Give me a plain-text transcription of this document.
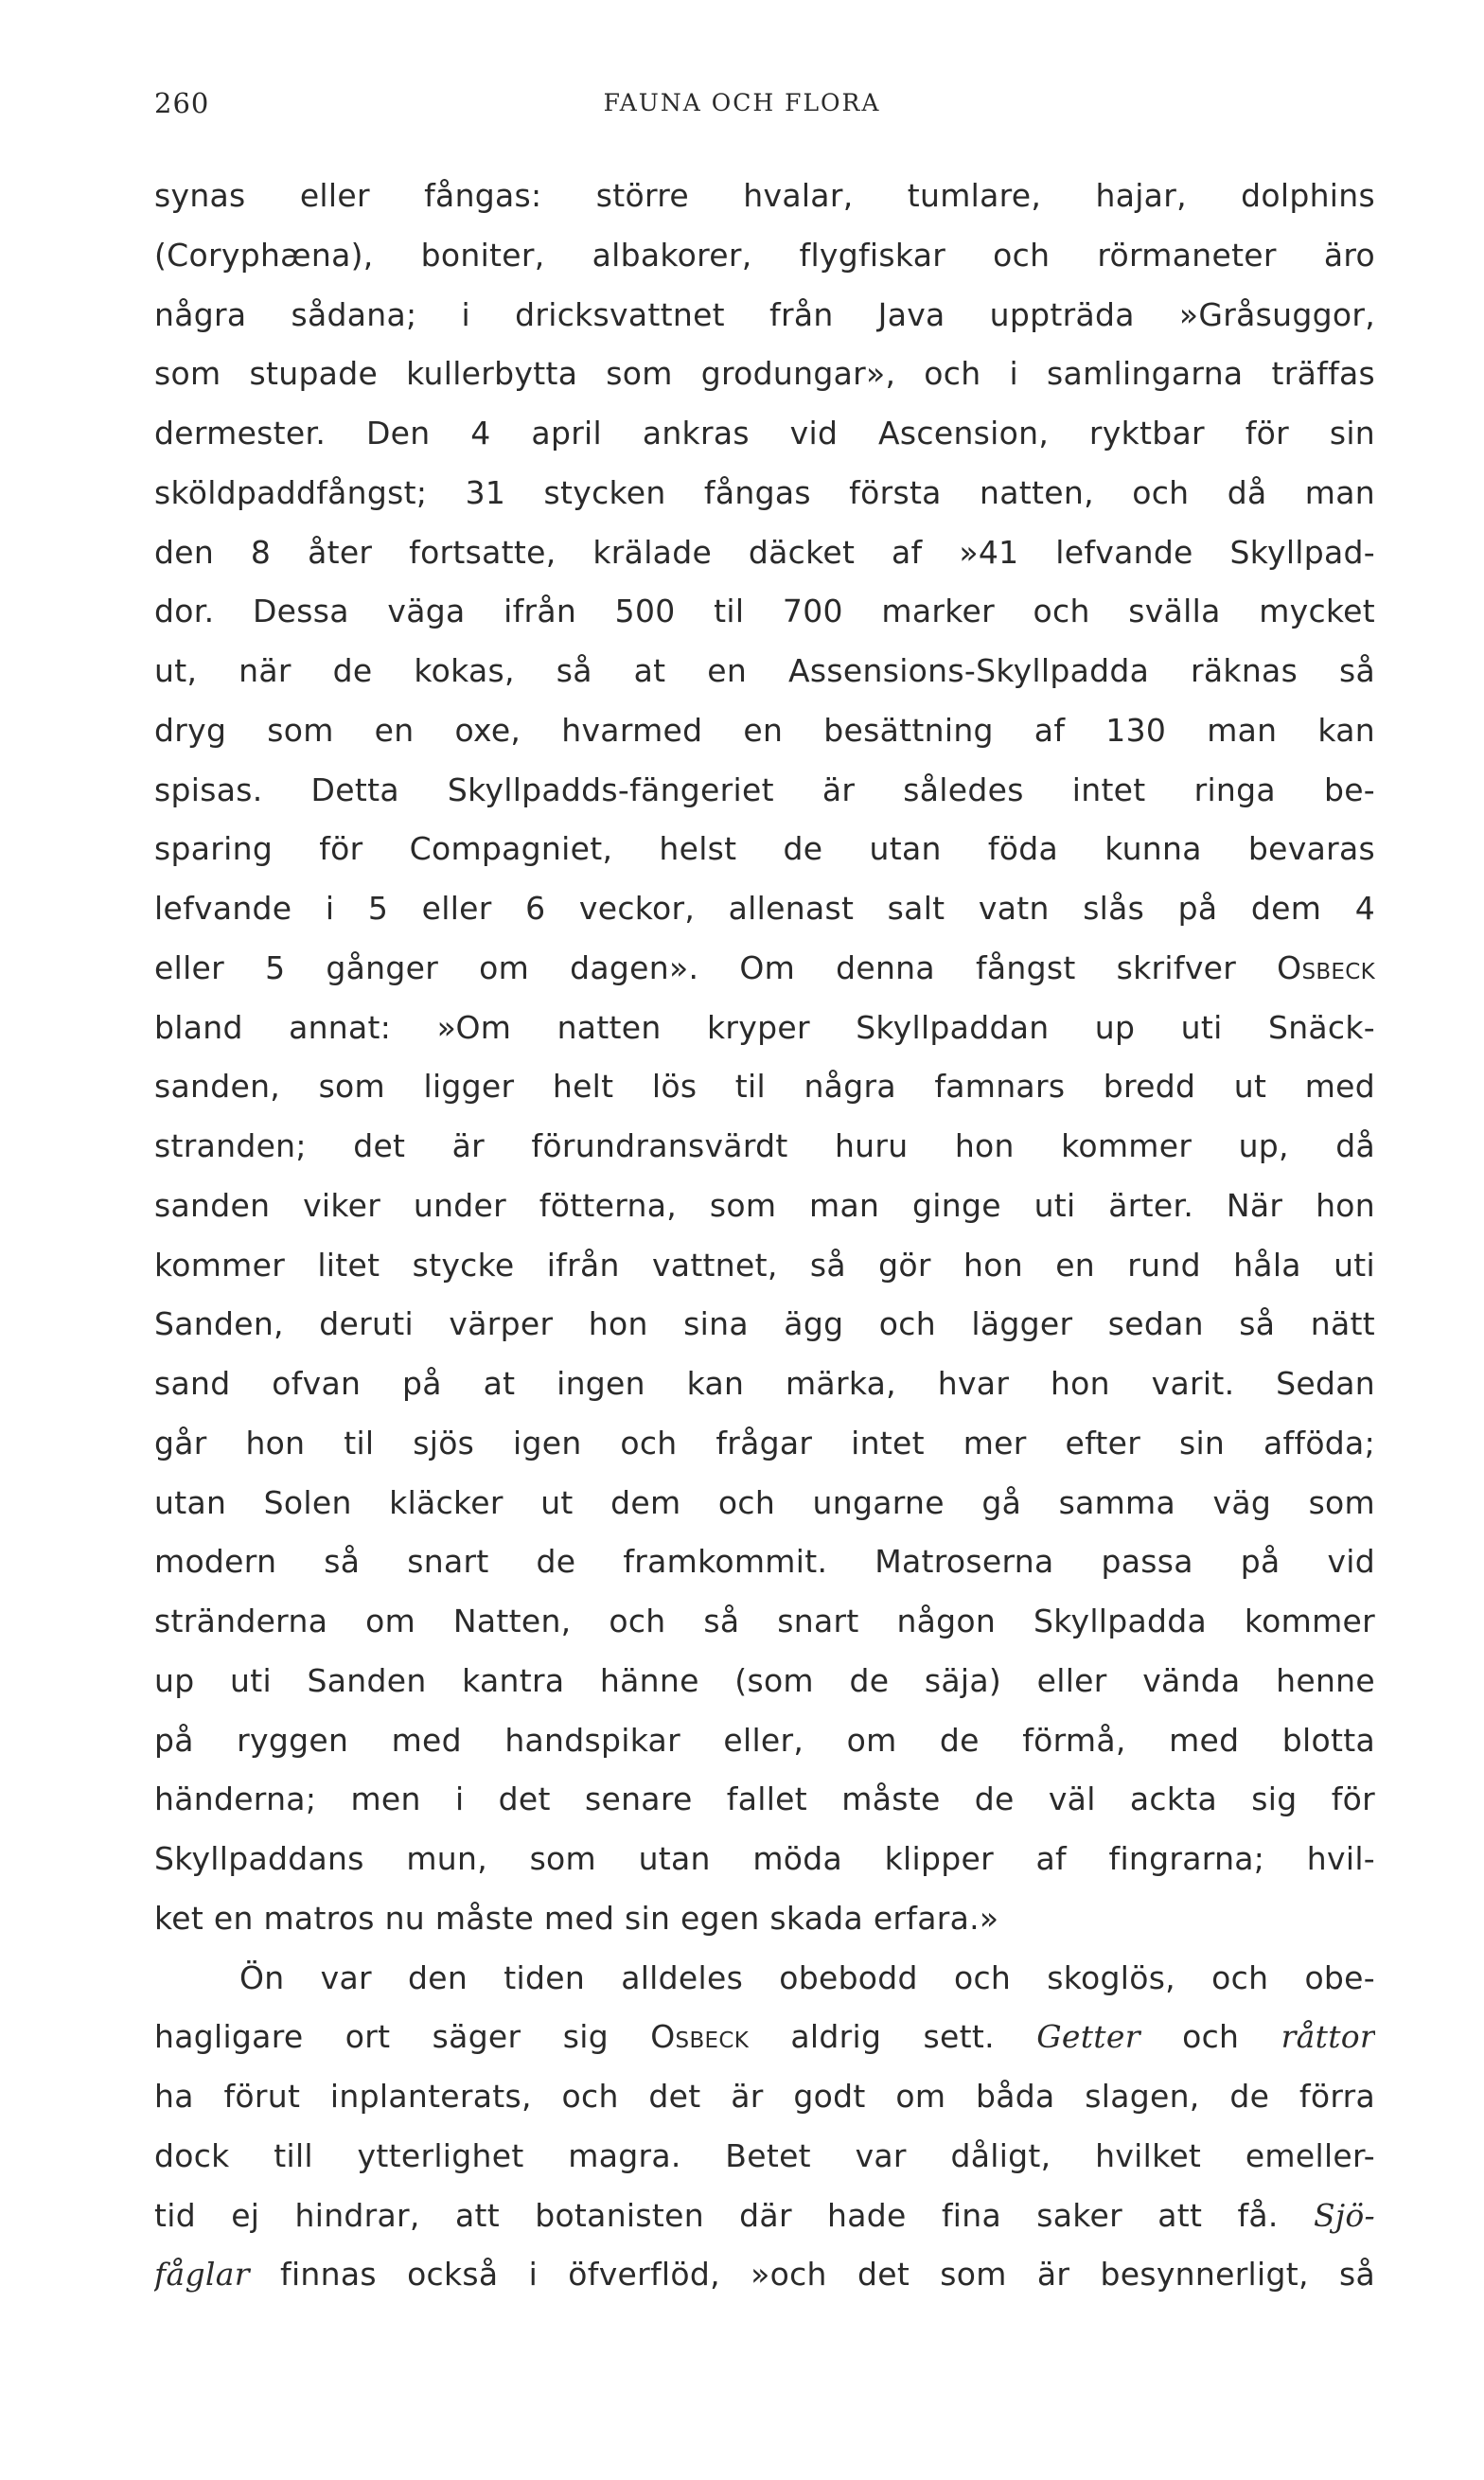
260	FAUNA OCH FLORA
synas eller fångas: större hvalar, tumlare, hajar, dolphins
(Coryphæna), boniter, albakorer, flygfiskar och rörmaneter äro
några sådana; i dricksvattnet från Java uppträda »Gråsuggor,
som stupade kullerbytta som grodungar», och i samlingarna träffas
dermester. Den 4 april ankras vid Ascension, ryktbar för sin
sköldpaddfångst; 31 stycken fångas första natten, och då man
den 8 åter fortsatte, krälade däcket af »41 lefvande Skyllpad-
dor. Dessa väga ifrån 500 til 700 marker och svälla mycket
ut, när de kokas, så at en Assensions-Skyllpadda räknas så
dryg som en oxe, hvarmed en besättning af 130 man kan
spisas. Detta Skyllpadds-fängeriet är således intet ringa be-
sparing för Compagniet, helst de utan föda kunna bevaras
lefvande i 5 eller 6 veckor, allenast salt vatn slås på dem 4
eller 5 gånger om dagen». Om denna fångst skrifver Osbeck
bland annat: »Om natten kryper Skyllpaddan up uti Snäck-
sanden, som ligger helt lös til några famnars bredd ut med
stranden; det är förundransvärdt huru hon kommer up, då
sanden viker under fötterna, som man ginge uti ärter. När hon
kommer litet stycke ifrån vattnet, så gör hon en rund håla uti
Sanden, deruti värper hon sina ägg och lägger sedan så nätt
sand ofvan på at ingen kan märka, hvar hon varit. Sedan
går hon til sjös igen och frågar intet mer efter sin afföda;
utan Solen kläcker ut dem och ungarne gå samma väg som
modern så snart de framkommit. Matroserna passa på vid
stränderna om Natten, och så snart någon Skyllpadda kommer
up uti Sanden kantra hänne (som de säja) eller vända henne
på ryggen med handspikar eller, om de förmå, med blotta
händerna; men i det senare fallet måste de väl ackta sig för
Skyllpaddans mun, som utan möda klipper af fingrarna; hvil-
ket en matros nu måste med sin egen skada erfara.»
Ön var den tiden alldeles obebodd och skoglös, och obe-
hagligare ort säger sig Osbeck aldrig sett. Getter och råttor
ha förut inplanterats, och det är godt om båda slagen, de förra
dock till ytterlighet magra. Betet var dåligt, hvilket emeller-
tid ej hindrar, att botanisten där hade fina saker att få. Sjö-
fåglar finnas också i öfverflöd, »och det som är besynnerligt, så
